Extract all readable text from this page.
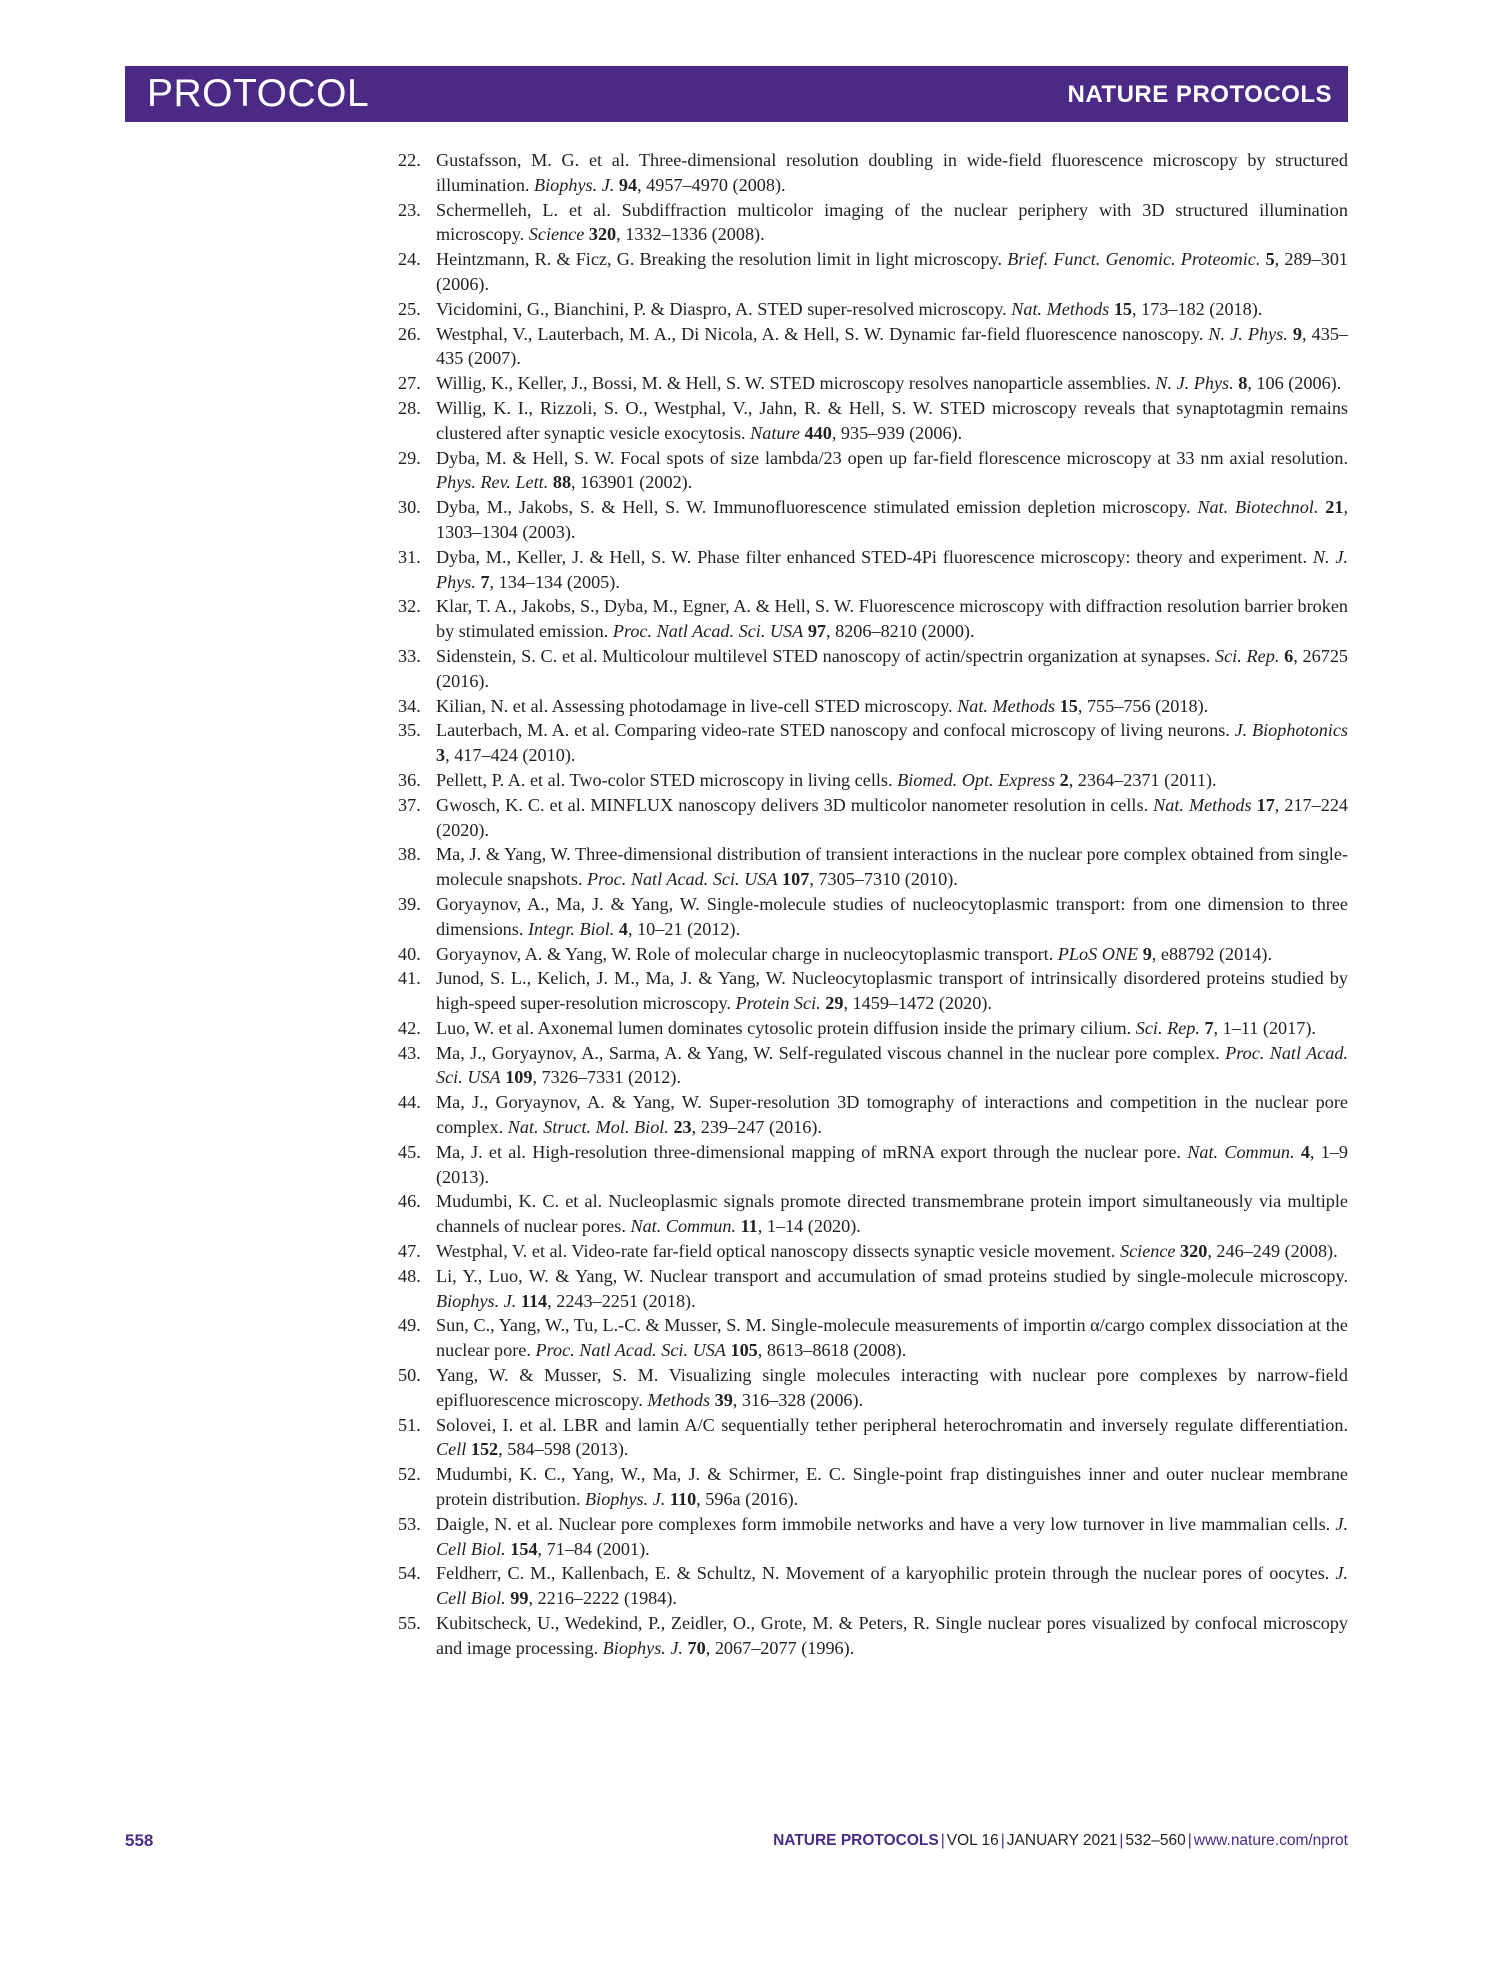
PROTOCOL	NATURE PROTOCOLS
22. Gustafsson, M. G. et al. Three-dimensional resolution doubling in wide-field fluorescence microscopy by structured illumination. Biophys. J. 94, 4957–4970 (2008).
23. Schermelleh, L. et al. Subdiffraction multicolor imaging of the nuclear periphery with 3D structured illumination microscopy. Science 320, 1332–1336 (2008).
24. Heintzmann, R. & Ficz, G. Breaking the resolution limit in light microscopy. Brief. Funct. Genomic. Proteomic. 5, 289–301 (2006).
25. Vicidomini, G., Bianchini, P. & Diaspro, A. STED super-resolved microscopy. Nat. Methods 15, 173–182 (2018).
26. Westphal, V., Lauterbach, M. A., Di Nicola, A. & Hell, S. W. Dynamic far-field fluorescence nanoscopy. N. J. Phys. 9, 435–435 (2007).
27. Willig, K., Keller, J., Bossi, M. & Hell, S. W. STED microscopy resolves nanoparticle assemblies. N. J. Phys. 8, 106 (2006).
28. Willig, K. I., Rizzoli, S. O., Westphal, V., Jahn, R. & Hell, S. W. STED microscopy reveals that synaptotagmin remains clustered after synaptic vesicle exocytosis. Nature 440, 935–939 (2006).
29. Dyba, M. & Hell, S. W. Focal spots of size lambda/23 open up far-field florescence microscopy at 33 nm axial resolution. Phys. Rev. Lett. 88, 163901 (2002).
30. Dyba, M., Jakobs, S. & Hell, S. W. Immunofluorescence stimulated emission depletion microscopy. Nat. Biotechnol. 21, 1303–1304 (2003).
31. Dyba, M., Keller, J. & Hell, S. W. Phase filter enhanced STED-4Pi fluorescence microscopy: theory and experiment. N. J. Phys. 7, 134–134 (2005).
32. Klar, T. A., Jakobs, S., Dyba, M., Egner, A. & Hell, S. W. Fluorescence microscopy with diffraction resolution barrier broken by stimulated emission. Proc. Natl Acad. Sci. USA 97, 8206–8210 (2000).
33. Sidenstein, S. C. et al. Multicolour multilevel STED nanoscopy of actin/spectrin organization at synapses. Sci. Rep. 6, 26725 (2016).
34. Kilian, N. et al. Assessing photodamage in live-cell STED microscopy. Nat. Methods 15, 755–756 (2018).
35. Lauterbach, M. A. et al. Comparing video-rate STED nanoscopy and confocal microscopy of living neurons. J. Biophotonics 3, 417–424 (2010).
36. Pellett, P. A. et al. Two-color STED microscopy in living cells. Biomed. Opt. Express 2, 2364–2371 (2011).
37. Gwosch, K. C. et al. MINFLUX nanoscopy delivers 3D multicolor nanometer resolution in cells. Nat. Methods 17, 217–224 (2020).
38. Ma, J. & Yang, W. Three-dimensional distribution of transient interactions in the nuclear pore complex obtained from single-molecule snapshots. Proc. Natl Acad. Sci. USA 107, 7305–7310 (2010).
39. Goryaynov, A., Ma, J. & Yang, W. Single-molecule studies of nucleocytoplasmic transport: from one dimension to three dimensions. Integr. Biol. 4, 10–21 (2012).
40. Goryaynov, A. & Yang, W. Role of molecular charge in nucleocytoplasmic transport. PLoS ONE 9, e88792 (2014).
41. Junod, S. L., Kelich, J. M., Ma, J. & Yang, W. Nucleocytoplasmic transport of intrinsically disordered proteins studied by high-speed super-resolution microscopy. Protein Sci. 29, 1459–1472 (2020).
42. Luo, W. et al. Axonemal lumen dominates cytosolic protein diffusion inside the primary cilium. Sci. Rep. 7, 1–11 (2017).
43. Ma, J., Goryaynov, A., Sarma, A. & Yang, W. Self-regulated viscous channel in the nuclear pore complex. Proc. Natl Acad. Sci. USA 109, 7326–7331 (2012).
44. Ma, J., Goryaynov, A. & Yang, W. Super-resolution 3D tomography of interactions and competition in the nuclear pore complex. Nat. Struct. Mol. Biol. 23, 239–247 (2016).
45. Ma, J. et al. High-resolution three-dimensional mapping of mRNA export through the nuclear pore. Nat. Commun. 4, 1–9 (2013).
46. Mudumbi, K. C. et al. Nucleoplasmic signals promote directed transmembrane protein import simultaneously via multiple channels of nuclear pores. Nat. Commun. 11, 1–14 (2020).
47. Westphal, V. et al. Video-rate far-field optical nanoscopy dissects synaptic vesicle movement. Science 320, 246–249 (2008).
48. Li, Y., Luo, W. & Yang, W. Nuclear transport and accumulation of smad proteins studied by single-molecule microscopy. Biophys. J. 114, 2243–2251 (2018).
49. Sun, C., Yang, W., Tu, L.-C. & Musser, S. M. Single-molecule measurements of importin α/cargo complex dissociation at the nuclear pore. Proc. Natl Acad. Sci. USA 105, 8613–8618 (2008).
50. Yang, W. & Musser, S. M. Visualizing single molecules interacting with nuclear pore complexes by narrow-field epifluorescence microscopy. Methods 39, 316–328 (2006).
51. Solovei, I. et al. LBR and lamin A/C sequentially tether peripheral heterochromatin and inversely regulate differentiation. Cell 152, 584–598 (2013).
52. Mudumbi, K. C., Yang, W., Ma, J. & Schirmer, E. C. Single-point frap distinguishes inner and outer nuclear membrane protein distribution. Biophys. J. 110, 596a (2016).
53. Daigle, N. et al. Nuclear pore complexes form immobile networks and have a very low turnover in live mammalian cells. J. Cell Biol. 154, 71–84 (2001).
54. Feldherr, C. M., Kallenbach, E. & Schultz, N. Movement of a karyophilic protein through the nuclear pores of oocytes. J. Cell Biol. 99, 2216–2222 (1984).
55. Kubitscheck, U., Wedekind, P., Zeidler, O., Grote, M. & Peters, R. Single nuclear pores visualized by confocal microscopy and image processing. Biophys. J. 70, 2067–2077 (1996).
558	NATURE PROTOCOLS | VOL 16 | JANUARY 2021 | 532–560 | www.nature.com/nprot
